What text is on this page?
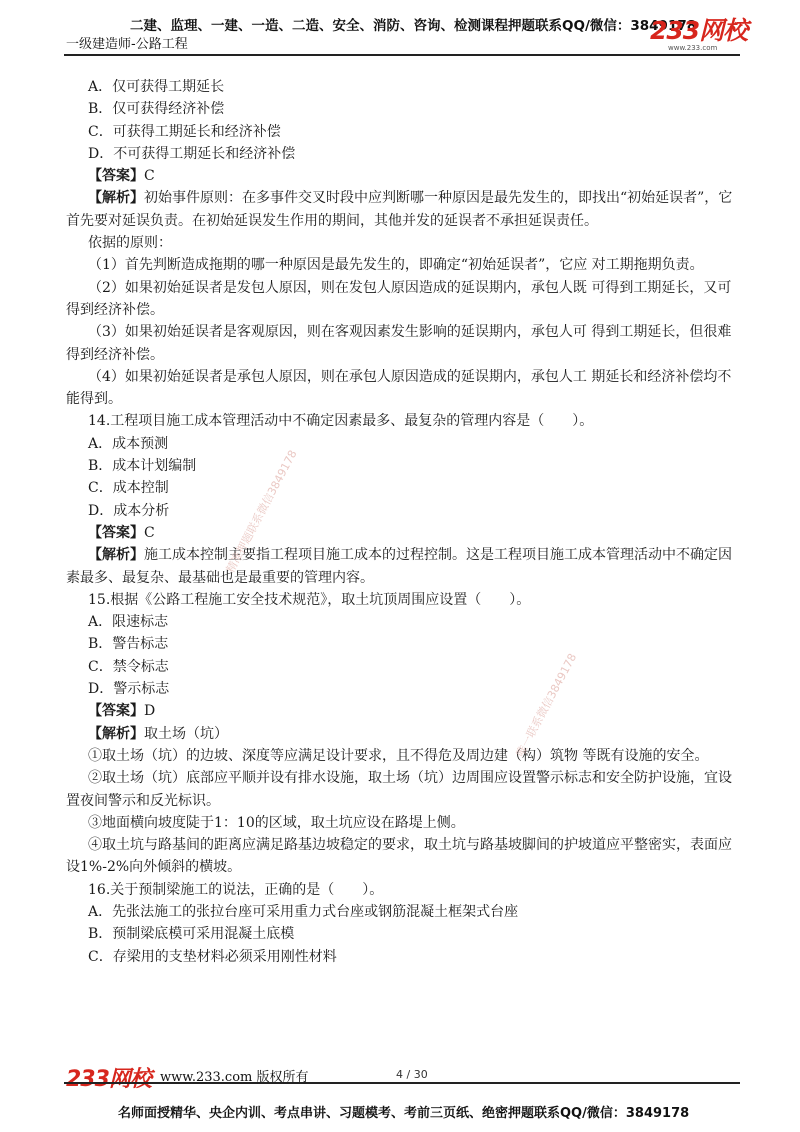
二建、监理、一建、一造、二造、安全、消防、咨询、检测课程押题联系QQ/微信：3849178
一级建造师-公路工程	233网校
www.233.com

A．仅可获得工期延长

B．仅可获得经济补偿

C．可获得工期延长和经济补偿

D．不可获得工期延长和经济补偿

【答案】C

【解析】初始事件原则：在多事件交叉时段中应判断哪一种原因是最先发生的，即找出“初始延误者”，它首先要对延误负责。在初始延误发生作用的期间，其他并发的延误者不承担延误责任。

依据的原则：

（1）首先判断造成拖期的哪一种原因是最先发生的，即确定“初始延误者”，它应 对工期拖期负责。

（2）如果初始延误者是发包人原因，则在发包人原因造成的延误期内，承包人既 可得到工期延长，又可得到经济补偿。

（3）如果初始延误者是客观原因，则在客观因素发生影响的延误期内，承包人可 得到工期延长，但很难得到经济补偿。

（4）如果初始延误者是承包人原因，则在承包人原因造成的延误期内，承包人工 期延长和经济补偿均不能得到。

14.工程项目施工成本管理活动中不确定因素最多、最复杂的管理内容是（　　）。

A．成本预测

B．成本计划编制

C．成本控制

D．成本分析

【答案】C

【解析】施工成本控制主要指工程项目施工成本的过程控制。这是工程项目施工成本管理活动中不确定因素最多、最复杂、最基础也是最重要的管理内容。

15.根据《公路工程施工安全技术规范》，取土坑顶周围应设置（　　）。

A．限速标志

B．警告标志

C．禁令标志

D．警示标志

【答案】D

【解析】取土场（坑）

①取土场（坑）的边坡、深度等应满足设计要求，且不得危及周边建（构）筑物 等既有设施的安全。

②取土场（坑）底部应平顺并设有排水设施，取土场（坑）边周围应设置警示标志和安全防护设施，宜设置夜间警示和反光标识。

③地面横向坡度陡于1：10的区域，取土坑应设在路堤上侧。

④取土坑与路基间的距离应满足路基边坡稳定的要求，取土坑与路基坡脚间的护坡道应平整密实，表面应设1%-2%向外倾斜的横坡。

16.关于预制梁施工的说法，正确的是（　　）。

A．先张法施工的张拉台座可采用重力式台座或钢筋混凝土框架式台座

B．预制梁底模可采用混凝土底模

C．存梁用的支垫材料必须采用刚性材料

精准押题联系微信3849178
唯一联系微信3849178
233网校 www.233.com 版权所有	4 / 30
名师面授精华、央企内训、考点串讲、习题模考、考前三页纸、绝密押题联系QQ/微信：3849178
